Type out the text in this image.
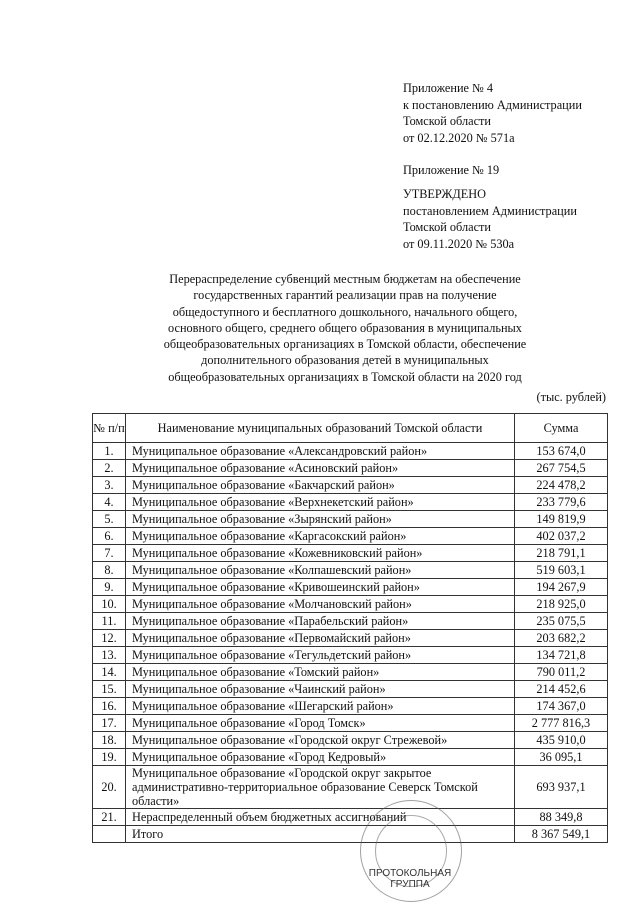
Приложение № 4
к постановлению Администрации
Томской области
от 02.12.2020 № 571а
Приложение № 19
УТВЕРЖДЕНО
постановлением Администрации
Томской области
от 09.11.2020 № 530а
Перераспределение субвенций местным бюджетам на обеспечение
государственных гарантий реализации прав на получение
общедоступного и бесплатного дошкольного, начального общего,
основного общего, среднего общего образования в муниципальных
общеобразовательных организациях в Томской области, обеспечение
дополнительного образования детей в муниципальных
общеобразовательных организациях в Томской области на 2020 год
(тыс. рублей)
№ п/п	Наименование муниципальных образований Томской области	Сумма
1.	Муниципальное образование «Александровский район»	153 674,0
2.	Муниципальное образование «Асиновский район»	267 754,5
3.	Муниципальное образование «Бакчарский район»	224 478,2
4.	Муниципальное образование «Верхнекетский район»	233 779,6
5.	Муниципальное образование «Зырянский район»	149 819,9
6.	Муниципальное образование «Каргасокский район»	402 037,2
7.	Муниципальное образование «Кожевниковский район»	218 791,1
8.	Муниципальное образование «Колпашевский район»	519 603,1
9.	Муниципальное образование «Кривошеинский район»	194 267,9
10.	Муниципальное образование «Молчановский район»	218 925,0
11.	Муниципальное образование «Парабельский район»	235 075,5
12.	Муниципальное образование «Первомайский район»	203 682,2
13.	Муниципальное образование «Тегульдетский район»	134 721,8
14.	Муниципальное образование «Томский район»	790 011,2
15.	Муниципальное образование «Чаинский район»	214 452,6
16.	Муниципальное образование «Шегарский район»	174 367,0
17.	Муниципальное образование «Город Томск»	2 777 816,3
18.	Муниципальное образование «Городской округ Стрежевой»	435 910,0
19.	Муниципальное образование «Город Кедровый»	36 095,1
20.	Муниципальное образование «Городской округ закрытое административно-территориальное образование Северск Томской области»	693 937,1
21.	Нераспределенный объем бюджетных ассигнований	88 349,8
	Итого	8 367 549,1
ПРОТОКОЛЬНАЯ ГРУППА
